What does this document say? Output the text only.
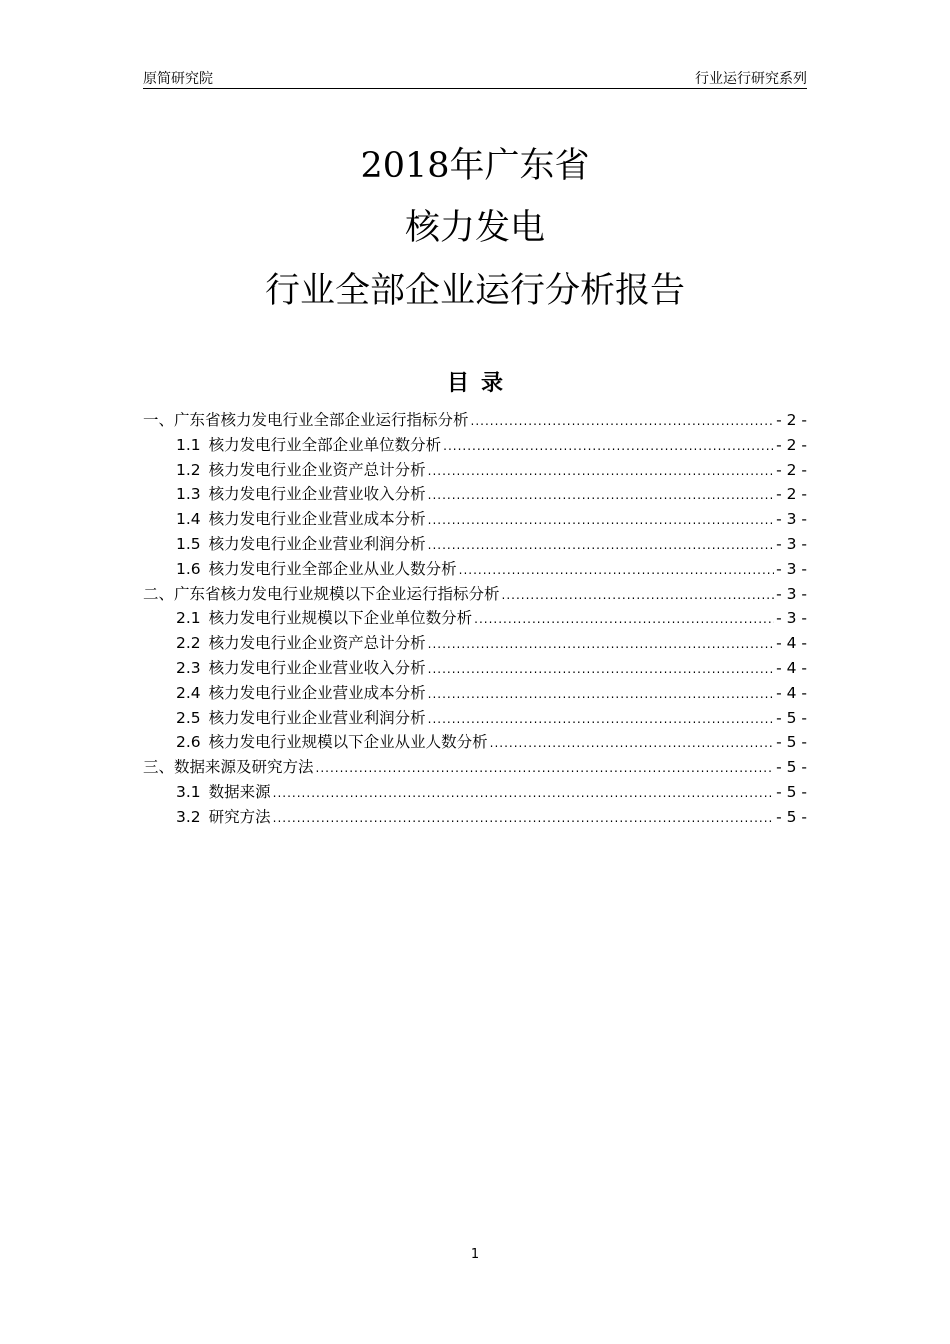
原简研究院	行业运行研究系列
2018年广东省
核力发电
行业全部企业运行分析报告
目录
一、广东省核力发电行业全部企业运行指标分析 .....	- 2 -
1.1 核力发电行业全部企业单位数分析 .....	- 2 -
1.2 核力发电行业企业资产总计分析 .....	- 2 -
1.3 核力发电行业企业营业收入分析 .....	- 2 -
1.4 核力发电行业企业营业成本分析 .....	- 3 -
1.5 核力发电行业企业营业利润分析 .....	- 3 -
1.6 核力发电行业全部企业从业人数分析 .....	- 3 -
二、广东省核力发电行业规模以下企业运行指标分析 .....	- 3 -
2.1 核力发电行业规模以下企业单位数分析 .....	- 3 -
2.2 核力发电行业企业资产总计分析 .....	- 4 -
2.3 核力发电行业企业营业收入分析 .....	- 4 -
2.4 核力发电行业企业营业成本分析 .....	- 4 -
2.5 核力发电行业企业营业利润分析 .....	- 5 -
2.6 核力发电行业规模以下企业从业人数分析 .....	- 5 -
三、数据来源及研究方法 .....	- 5 -
3.1 数据来源 .....	- 5 -
3.2 研究方法 .....	- 5 -
1
